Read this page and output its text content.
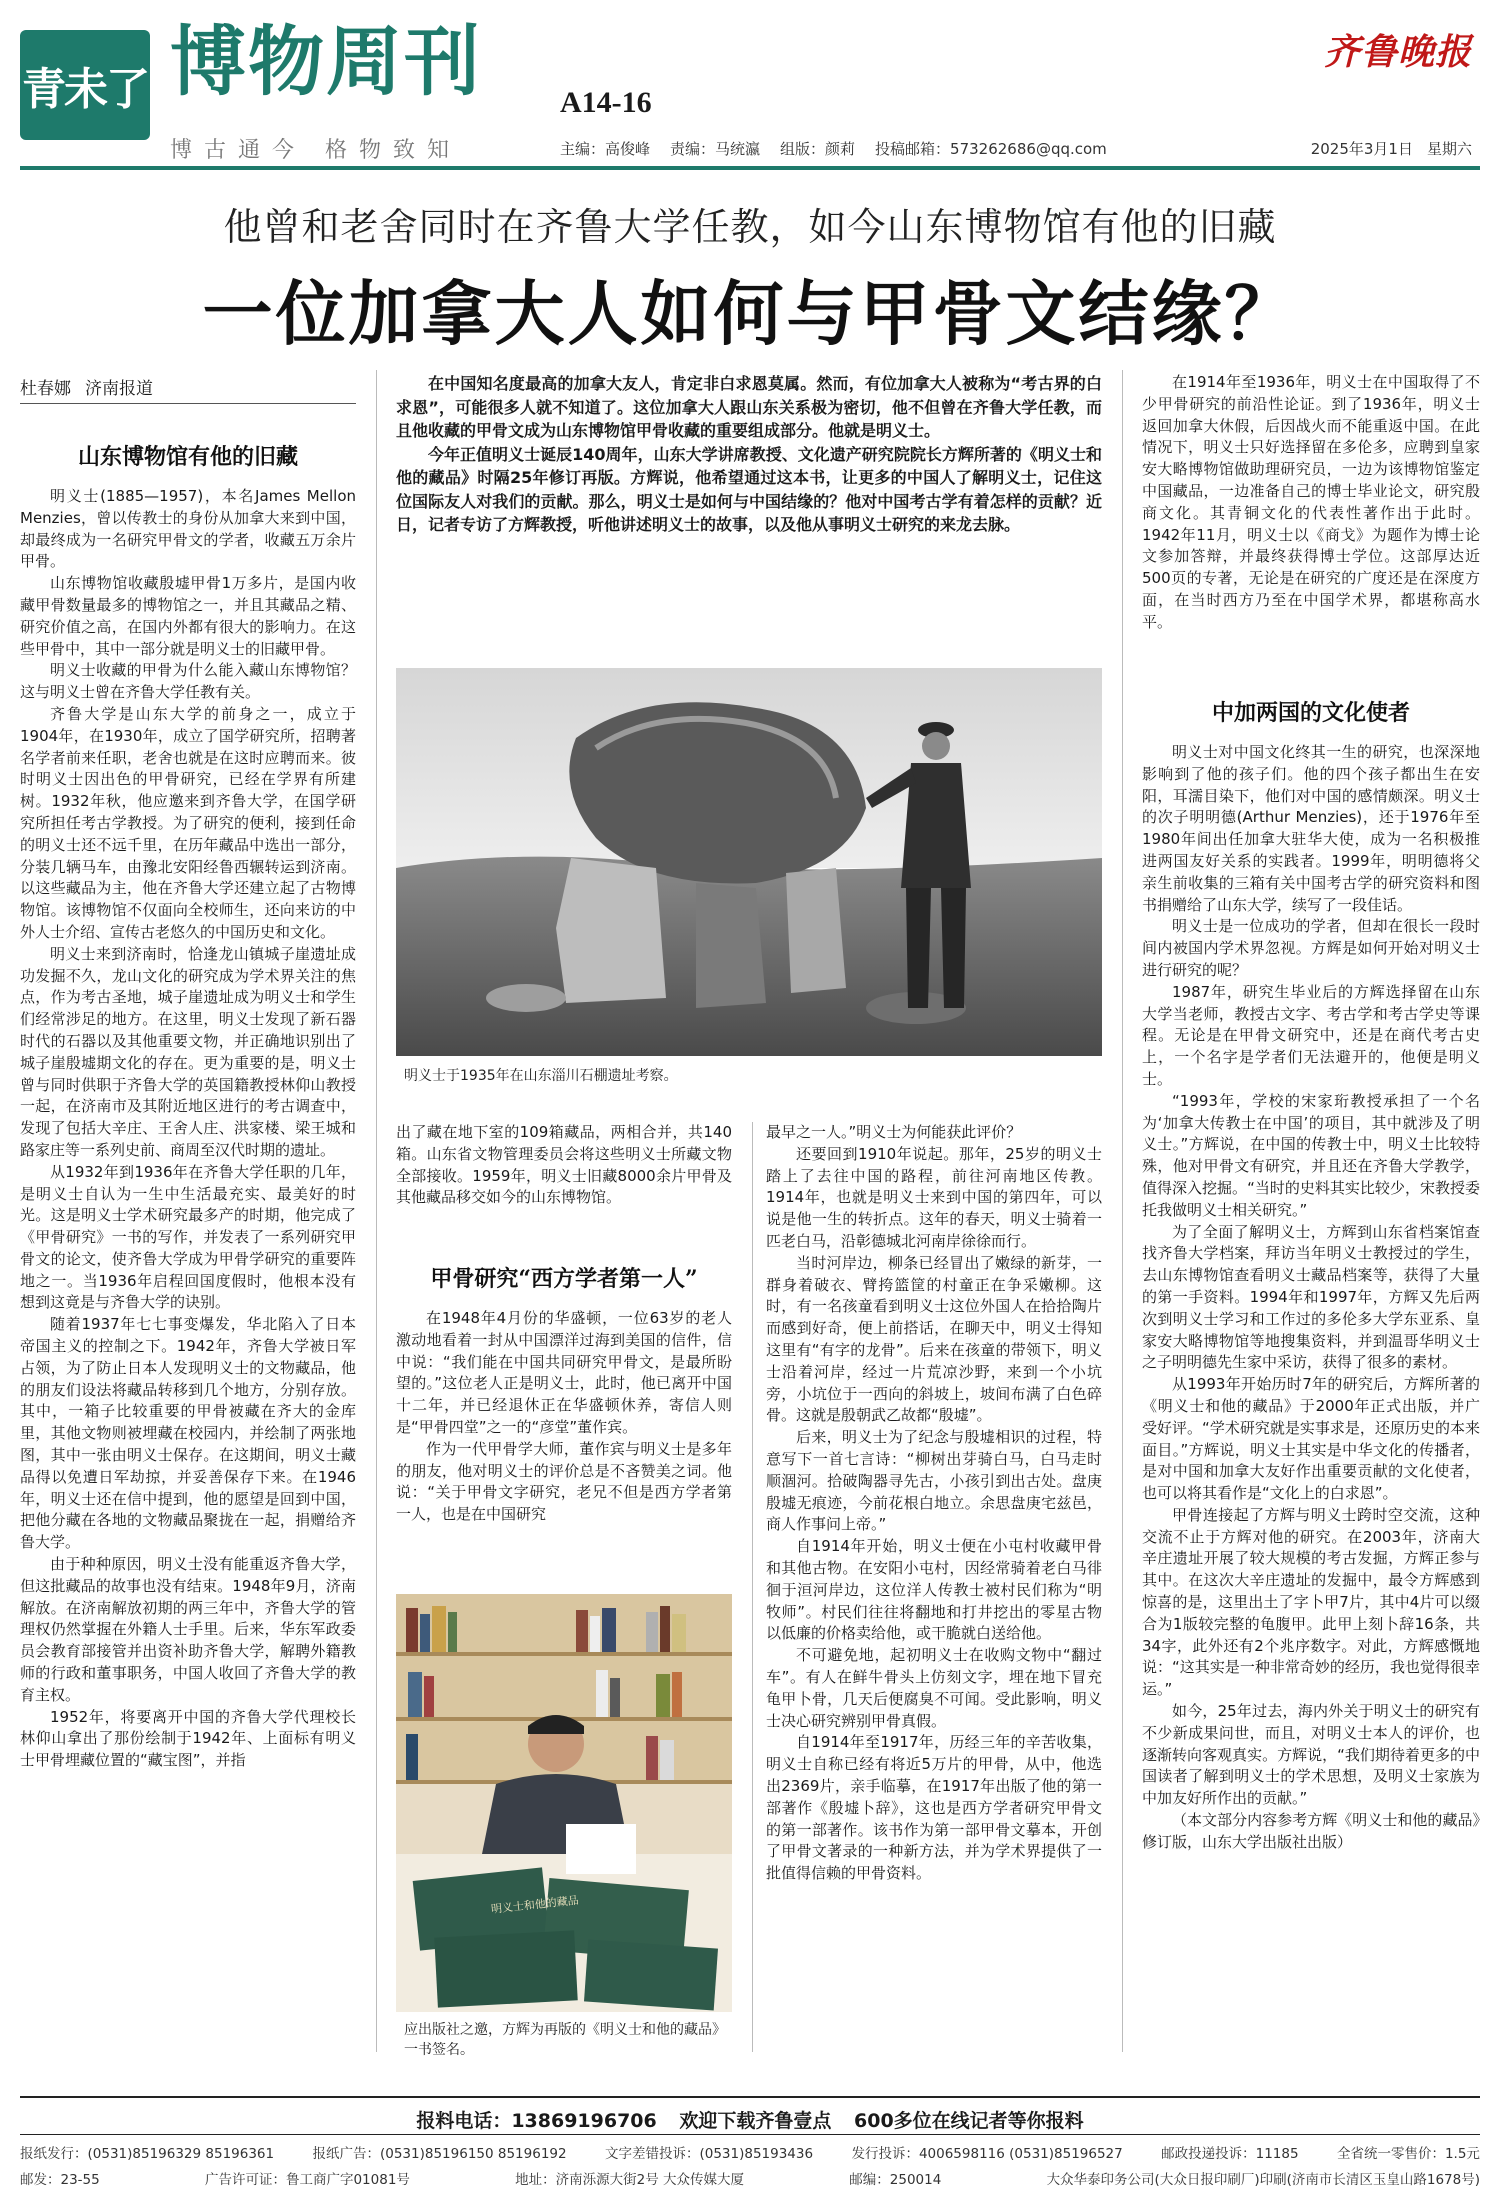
青未了 博物周刊	A14-16
齐鲁晚报
博古通今 格物致知	主编：高俊峰 责编：马统瀛 组版：颜莉 投稿邮箱：573262686@qq.com	2025年3月1日 星期六
他曾和老舍同时在齐鲁大学任教，如今山东博物馆有他的旧藏
一位加拿大人如何与甲骨文结缘？
杜春娜 济南报道
山东博物馆有他的旧藏

明义士(1885—1957)，本名James Mellon Menzies，曾以传教士的身份从加拿大来到中国，却最终成为一名研究甲骨文的学者，收藏五万余片甲骨。

山东博物馆收藏殷墟甲骨1万多片，是国内收藏甲骨数量最多的博物馆之一，并且其藏品之精、研究价值之高，在国内外都有很大的影响力。在这些甲骨中，其中一部分就是明义士的旧藏甲骨。

明义士收藏的甲骨为什么能入藏山东博物馆？这与明义士曾在齐鲁大学任教有关。

齐鲁大学是山东大学的前身之一，成立于1904年，在1930年，成立了国学研究所，招聘著名学者前来任职，老舍也就是在这时应聘而来。彼时明义士因出色的甲骨研究，已经在学界有所建树。1932年秋，他应邀来到齐鲁大学，在国学研究所担任考古学教授。为了研究的便利，接到任命的明义士还不远千里，在历年藏品中选出一部分，分装几辆马车，由豫北安阳经鲁西辗转运到济南。以这些藏品为主，他在齐鲁大学还建立起了古物博物馆。该博物馆不仅面向全校师生，还向来访的中外人士介绍、宣传古老悠久的中国历史和文化。

明义士来到济南时，恰逢龙山镇城子崖遗址成功发掘不久，龙山文化的研究成为学术界关注的焦点，作为考古圣地，城子崖遗址成为明义士和学生们经常涉足的地方。在这里，明义士发现了新石器时代的石器以及其他重要文物，并正确地识别出了城子崖殷墟期文化的存在。更为重要的是，明义士曾与同时供职于齐鲁大学的英国籍教授林仰山教授一起，在济南市及其附近地区进行的考古调查中，发现了包括大辛庄、王舍人庄、洪家楼、梁王城和路家庄等一系列史前、商周至汉代时期的遗址。

从1932年到1936年在齐鲁大学任职的几年，是明义士自认为一生中生活最充实、最美好的时光。这是明义士学术研究最多产的时期，他完成了《甲骨研究》一书的写作，并发表了一系列研究甲骨文的论文，使齐鲁大学成为甲骨学研究的重要阵地之一。当1936年启程回国度假时，他根本没有想到这竟是与齐鲁大学的诀别。

随着1937年七七事变爆发，华北陷入了日本帝国主义的控制之下。1942年，齐鲁大学被日军占领，为了防止日本人发现明义士的文物藏品，他的朋友们设法将藏品转移到几个地方，分别存放。其中，一箱子比较重要的甲骨被藏在齐大的金库里，其他文物则被埋藏在校园内，并绘制了两张地图，其中一张由明义士保存。在这期间，明义士藏品得以免遭日军劫掠，并妥善保存下来。在1946年，明义士还在信中提到，他的愿望是回到中国，把他分藏在各地的文物藏品聚拢在一起，捐赠给齐鲁大学。

由于种种原因，明义士没有能重返齐鲁大学，但这批藏品的故事也没有结束。1948年9月，济南解放。在济南解放初期的两三年中，齐鲁大学的管理权仍然掌握在外籍人士手里。后来，华东军政委员会教育部接管并出资补助齐鲁大学，解聘外籍教师的行政和董事职务，中国人收回了齐鲁大学的教育主权。

1952年，将要离开中国的齐鲁大学代理校长林仰山拿出了那份绘制于1942年、上面标有明义士甲骨埋藏位置的“藏宝图”，并指

在中国知名度最高的加拿大友人，肯定非白求恩莫属。然而，有位加拿大人被称为“考古界的白求恩”，可能很多人就不知道了。这位加拿大人跟山东关系极为密切，他不但曾在齐鲁大学任教，而且他收藏的甲骨文成为山东博物馆甲骨收藏的重要组成部分。他就是明义士。

今年正值明义士诞辰140周年，山东大学讲席教授、文化遗产研究院院长方辉所著的《明义士和他的藏品》时隔25年修订再版。方辉说，他希望通过这本书，让更多的中国人了解明义士，记住这位国际友人对我们的贡献。那么，明义士是如何与中国结缘的？他对中国考古学有着怎样的贡献？近日，记者专访了方辉教授，听他讲述明义士的故事，以及他从事明义士研究的来龙去脉。

明义士于1935年在山东淄川石棚遗址考察。

出了藏在地下室的109箱藏品，两相合并，共140箱。山东省文物管理委员会将这些明义士所藏文物全部接收。1959年，明义士旧藏8000余片甲骨及其他藏品移交如今的山东博物馆。

甲骨研究“西方学者第一人”

在1948年4月份的华盛顿，一位63岁的老人激动地看着一封从中国漂洋过海到美国的信件，信中说：“我们能在中国共同研究甲骨文，是最所盼望的。”这位老人正是明义士，此时，他已离开中国十二年，并已经退休正在华盛顿休养，寄信人则是“甲骨四堂”之一的“彦堂”董作宾。

作为一代甲骨学大师，董作宾与明义士是多年的朋友，他对明义士的评价总是不吝赞美之词。他说：“关于甲骨文字研究，老兄不但是西方学者第一人，也是在中国研究

明义士和他的藏品
应出版社之邀，方辉为再版的《明义士和他的藏品》一书签名。

最早之一人。”明义士为何能获此评价？

还要回到1910年说起。那年，25岁的明义士踏上了去往中国的路程，前往河南地区传教。1914年，也就是明义士来到中国的第四年，可以说是他一生的转折点。这年的春天，明义士骑着一匹老白马，沿彰德城北河南岸徐徐而行。

当时河岸边，柳条已经冒出了嫩绿的新芽，一群身着破衣、臂挎篮筐的村童正在争采嫩柳。这时，有一名孩童看到明义士这位外国人在拾拾陶片而感到好奇，便上前搭话，在聊天中，明义士得知这里有“有字的龙骨”。后来在孩童的带领下，明义士沿着河岸，经过一片荒凉沙野，来到一个小坑旁，小坑位于一西向的斜坡上，坡间布满了白色碎骨。这就是殷朝武乙故都“殷墟”。

后来，明义士为了纪念与殷墟相识的过程，特意写下一首七言诗：“柳树出芽骑白马，白马走时顺涸河。拾破陶器寻先古，小孩引到出古处。盘庚殷墟无痕迹，今前花根白地立。余思盘庚宅兹邑，商人作事问上帝。”

自1914年开始，明义士便在小屯村收藏甲骨和其他古物。在安阳小屯村，因经常骑着老白马徘徊于洹河岸边，这位洋人传教士被村民们称为“明牧师”。村民们往往将翻地和打井挖出的零星古物以低廉的价格卖给他，或干脆就白送给他。

不可避免地，起初明义士在收购文物中“翻过车”。有人在鲜牛骨头上仿刻文字，埋在地下冒充龟甲卜骨，几天后便腐臭不可闻。受此影响，明义士决心研究辨别甲骨真假。

自1914年至1917年，历经三年的辛苦收集，明义士自称已经有将近5万片的甲骨，从中，他选出2369片，亲手临摹，在1917年出版了他的第一部著作《殷墟卜辞》，这也是西方学者研究甲骨文的第一部著作。该书作为第一部甲骨文摹本，开创了甲骨文著录的一种新方法，并为学术界提供了一批值得信赖的甲骨资料。

在1914年至1936年，明义士在中国取得了不少甲骨研究的前沿性论证。到了1936年，明义士返回加拿大休假，后因战火而不能重返中国。在此情况下，明义士只好选择留在多伦多，应聘到皇家安大略博物馆做助理研究员，一边为该博物馆鉴定中国藏品，一边准备自己的博士毕业论文，研究殷商文化。其青铜文化的代表性著作出于此时。1942年11月，明义士以《商戈》为题作为博士论文参加答辩，并最终获得博士学位。这部厚达近500页的专著，无论是在研究的广度还是在深度方面，在当时西方乃至在中国学术界，都堪称高水平。

中加两国的文化使者

明义士对中国文化终其一生的研究，也深深地影响到了他的孩子们。他的四个孩子都出生在安阳，耳濡目染下，他们对中国的感情颇深。明义士的次子明明德(Arthur Menzies)，还于1976年至1980年间出任加拿大驻华大使，成为一名积极推进两国友好关系的实践者。1999年，明明德将父亲生前收集的三箱有关中国考古学的研究资料和图书捐赠给了山东大学，续写了一段佳话。

明义士是一位成功的学者，但却在很长一段时间内被国内学术界忽视。方辉是如何开始对明义士进行研究的呢？

1987年，研究生毕业后的方辉选择留在山东大学当老师，教授古文字、考古学和考古学史等课程。无论是在甲骨文研究中，还是在商代考古史上，一个名字是学者们无法避开的，他便是明义士。

“1993年，学校的宋家珩教授承担了一个名为‘加拿大传教士在中国’的项目，其中就涉及了明义士。”方辉说，在中国的传教士中，明义士比较特殊，他对甲骨文有研究，并且还在齐鲁大学教学，值得深入挖掘。“当时的史料其实比较少，宋教授委托我做明义士相关研究。”

为了全面了解明义士，方辉到山东省档案馆查找齐鲁大学档案，拜访当年明义士教授过的学生，去山东博物馆查看明义士藏品档案等，获得了大量的第一手资料。1994年和1997年，方辉又先后两次到明义士学习和工作过的多伦多大学东亚系、皇家安大略博物馆等地搜集资料，并到温哥华明义士之子明明德先生家中采访，获得了很多的素材。

从1993年开始历时7年的研究后，方辉所著的《明义士和他的藏品》于2000年正式出版，并广受好评。“学术研究就是实事求是，还原历史的本来面目。”方辉说，明义士其实是中华文化的传播者，是对中国和加拿大友好作出重要贡献的文化使者，也可以将其看作是“文化上的白求恩”。

甲骨连接起了方辉与明义士跨时空交流，这种交流不止于方辉对他的研究。在2003年，济南大辛庄遗址开展了较大规模的考古发掘，方辉正参与其中。在这次大辛庄遗址的发掘中，最令方辉感到惊喜的是，这里出土了字卜甲7片，其中4片可以缀合为1版较完整的龟腹甲。此甲上刻卜辞16条，共34字，此外还有2个兆序数字。对此，方辉感慨地说：“这其实是一种非常奇妙的经历，我也觉得很幸运。”

如今，25年过去，海内外关于明义士的研究有不少新成果问世，而且，对明义士本人的评价，也逐渐转向客观真实。方辉说，“我们期待着更多的中国读者了解到明义士的学术思想，及明义士家族为中加友好所作出的贡献。”

（本文部分内容参考方辉《明义士和他的藏品》修订版，山东大学出版社出版）

报料电话：13869196706 欢迎下载齐鲁壹点 600多位在线记者等你报料
报纸发行：(0531)85196329 85196361	报纸广告：(0531)85196150 85196192	文字差错投诉：(0531)85193436	发行投诉：4006598116 (0531)85196527	邮政投递投诉：11185	全省统一零售价：1.5元
邮发：23-55	广告许可证：鲁工商广字01081号	地址：济南泺源大街2号 大众传媒大厦	邮编：250014	大众华泰印务公司(大众日报印刷厂)印刷(济南市长清区玉皇山路1678号)
